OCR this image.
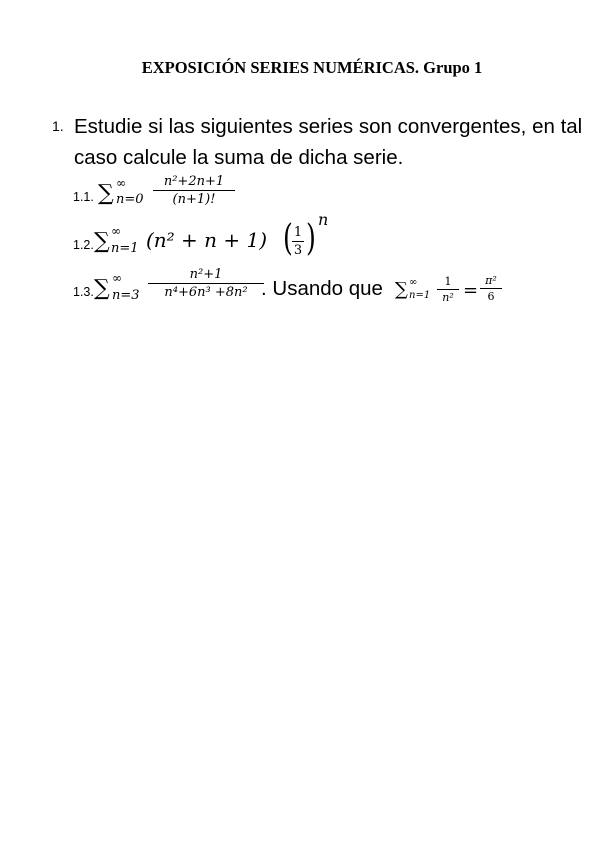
EXPOSICIÓN SERIES NUMÉRICAS. Grupo 1
1. Estudie si las siguientes series son convergentes, en tal caso calcule la suma de dicha serie.
1.1. ∑ ∞
n=0
n²+2n+1
(n+1)!
1.2. ∑ ∞
n=1 (n² + n + 1) ( 1
3 ) n
1.3. ∑ ∞
n=3
n²+1
n⁴+6n³ +8n² . Usando que ∑ ∞
n=1
1
n² = π²
6
